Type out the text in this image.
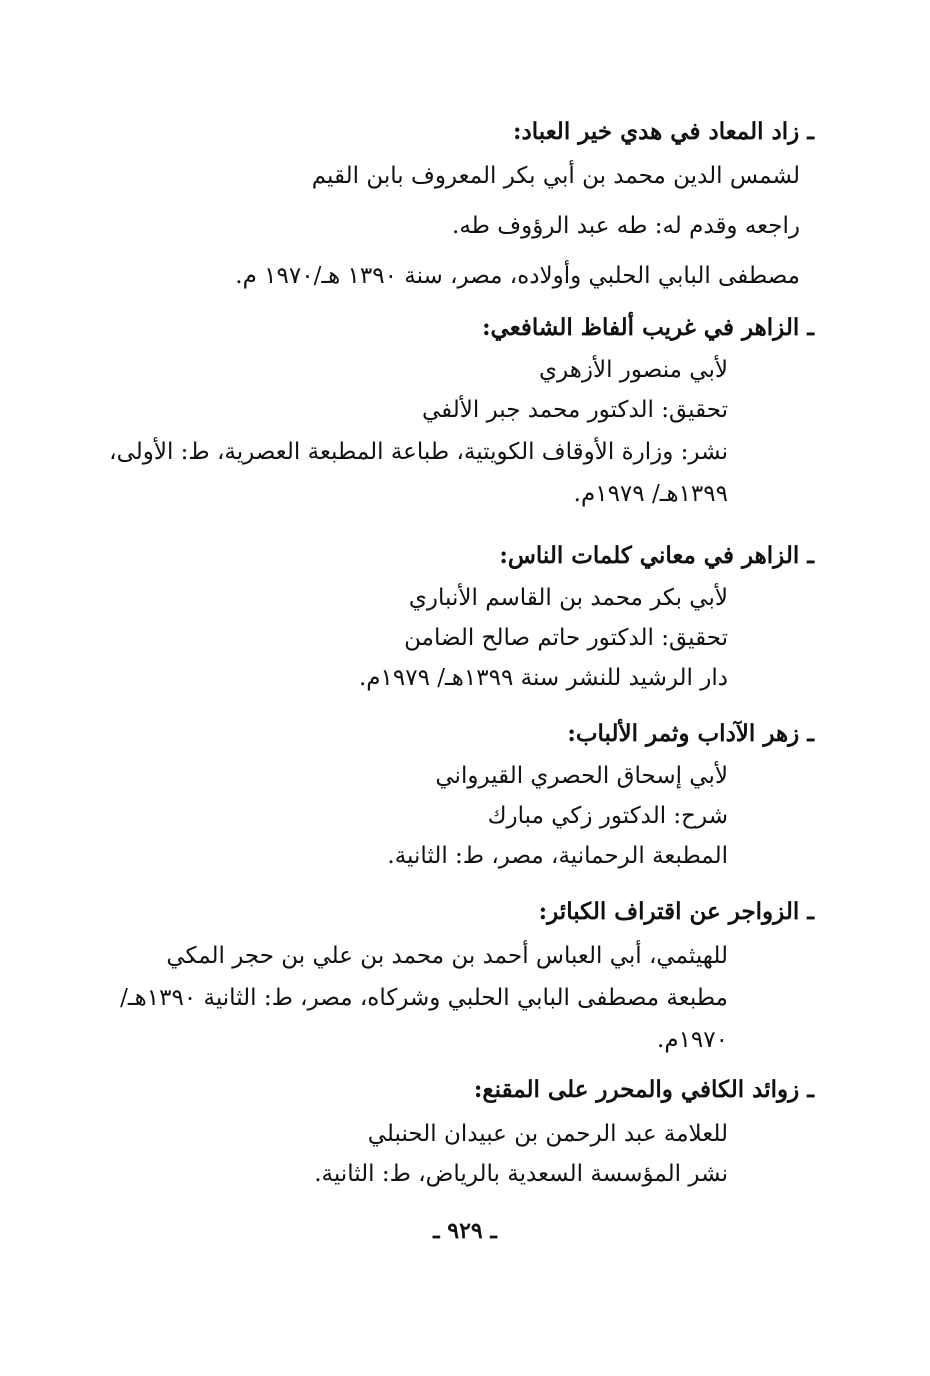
ـ زاد المعاد في هدي خير العباد:
لشمس الدين محمد بن أبي بكر المعروف بابن القيم
راجعه وقدم له: طه عبد الرؤوف طه.
مصطفى البابي الحلبي وأولاده، مصر، سنة ١٣٩٠ هـ/١٩٧٠ م.
ـ الزاهر في غريب ألفاظ الشافعي:
لأبي منصور الأزهري
تحقيق: الدكتور محمد جبر الألفي
نشر: وزارة الأوقاف الكويتية، طباعة المطبعة العصرية، ط: الأولى،
١٣٩٩هـ/ ١٩٧٩م.
ـ الزاهر في معاني كلمات الناس:
لأبي بكر محمد بن القاسم الأنباري
تحقيق: الدكتور حاتم صالح الضامن
دار الرشيد للنشر سنة ١٣٩٩هـ/ ١٩٧٩م.
ـ زهر الآداب وثمر الألباب:
لأبي إسحاق الحصري القيرواني
شرح: الدكتور زكي مبارك
المطبعة الرحمانية، مصر، ط: الثانية.
ـ الزواجر عن اقتراف الكبائر:
للهيثمي، أبي العباس أحمد بن محمد بن علي بن حجر المكي
مطبعة مصطفى البابي الحلبي وشركاه، مصر، ط: الثانية ١٣٩٠هـ/
١٩٧٠م.
ـ زوائد الكافي والمحرر على المقنع:
للعلامة عبد الرحمن بن عبيدان الحنبلي
نشر المؤسسة السعدية بالرياض، ط: الثانية.
ـ ٩٢٩ ـ
